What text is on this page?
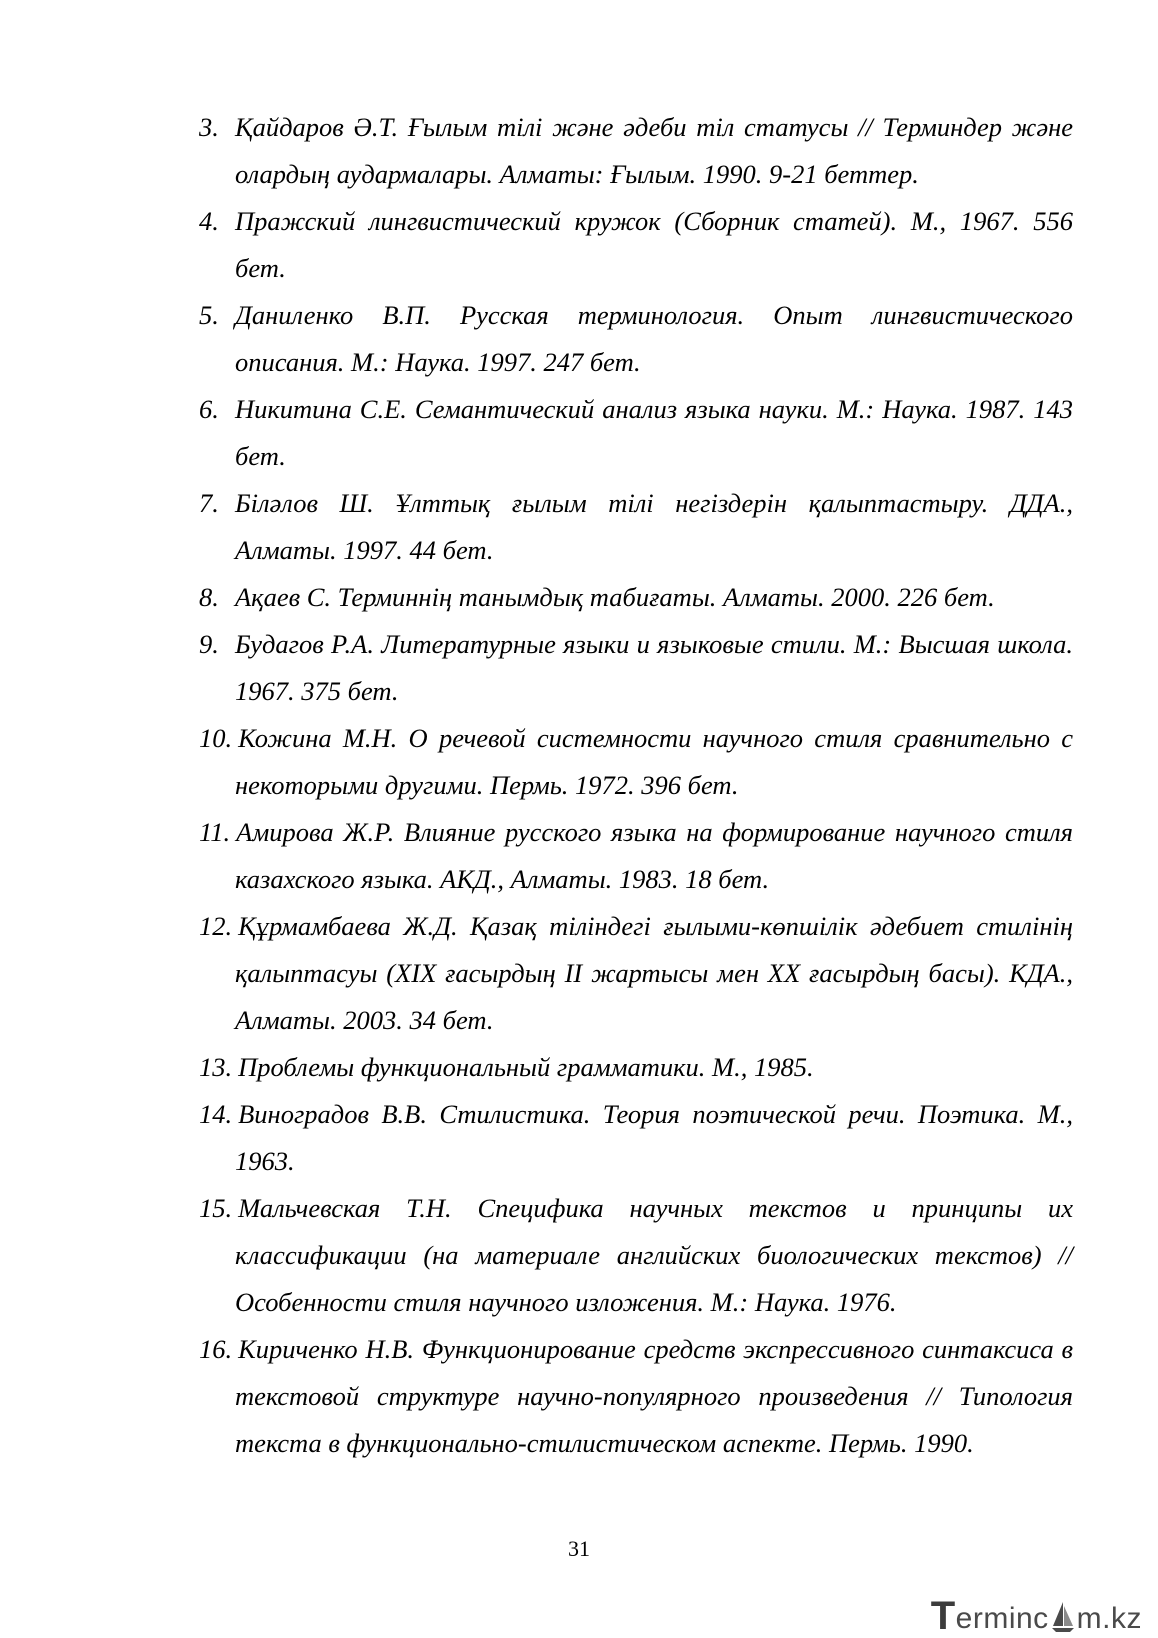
3. Қайдаров Ә.Т. Ғылым тілі және әдеби тіл статусы // Терминдер және олардың аудармалары. Алматы: Ғылым. 1990. 9-21 беттер.
4. Пражский лингвистический кружок (Сборник статей). М., 1967. 556 бет.
5. Даниленко В.П. Русская терминология. Опыт лингвистического описания. М.: Наука. 1997. 247 бет.
6. Никитина С.Е. Семантический анализ языка науки. М.: Наука. 1987. 143 бет.
7. Біләлов Ш. Ұлттық ғылым тілі негіздерін қалыптастыру. ДДА., Алматы. 1997. 44 бет.
8. Ақаев С. Терминнің танымдық табиғаты. Алматы. 2000. 226 бет.
9. Будагов Р.А. Литературные языки и языковые стили. М.: Высшая школа. 1967. 375 бет.
10. Кожина М.Н. О речевой системности научного стиля сравнительно с некоторыми другими. Пермь. 1972. 396 бет.
11. Амирова Ж.Р. Влияние русского языка на формирование научного стиля казахского языка. АКД., Алматы. 1983. 18 бет.
12. Құрмамбаева Ж.Д. Қазақ тіліндегі ғылыми-көпшілік әдебиет стилінің қалыптасуы (XIX ғасырдың II жартысы мен XX ғасырдың басы). КДА., Алматы. 2003. 34 бет.
13. Проблемы функциональный грамматики. М., 1985.
14. Виноградов В.В. Стилистика. Теория поэтической речи. Поэтика. М., 1963.
15. Мальчевская Т.Н. Специфика научных текстов и принципы их классификации (на материале английских биологических текстов) // Особенности стиля научного изложения. М.: Наука. 1976.
16. Кириченко Н.В. Функционирование средств экспрессивного синтаксиса в текстовой структуре научно-популярного произведения // Типология текста в функционально-стилистическом аспекте. Пермь. 1990.
31
T erminc m.kz
